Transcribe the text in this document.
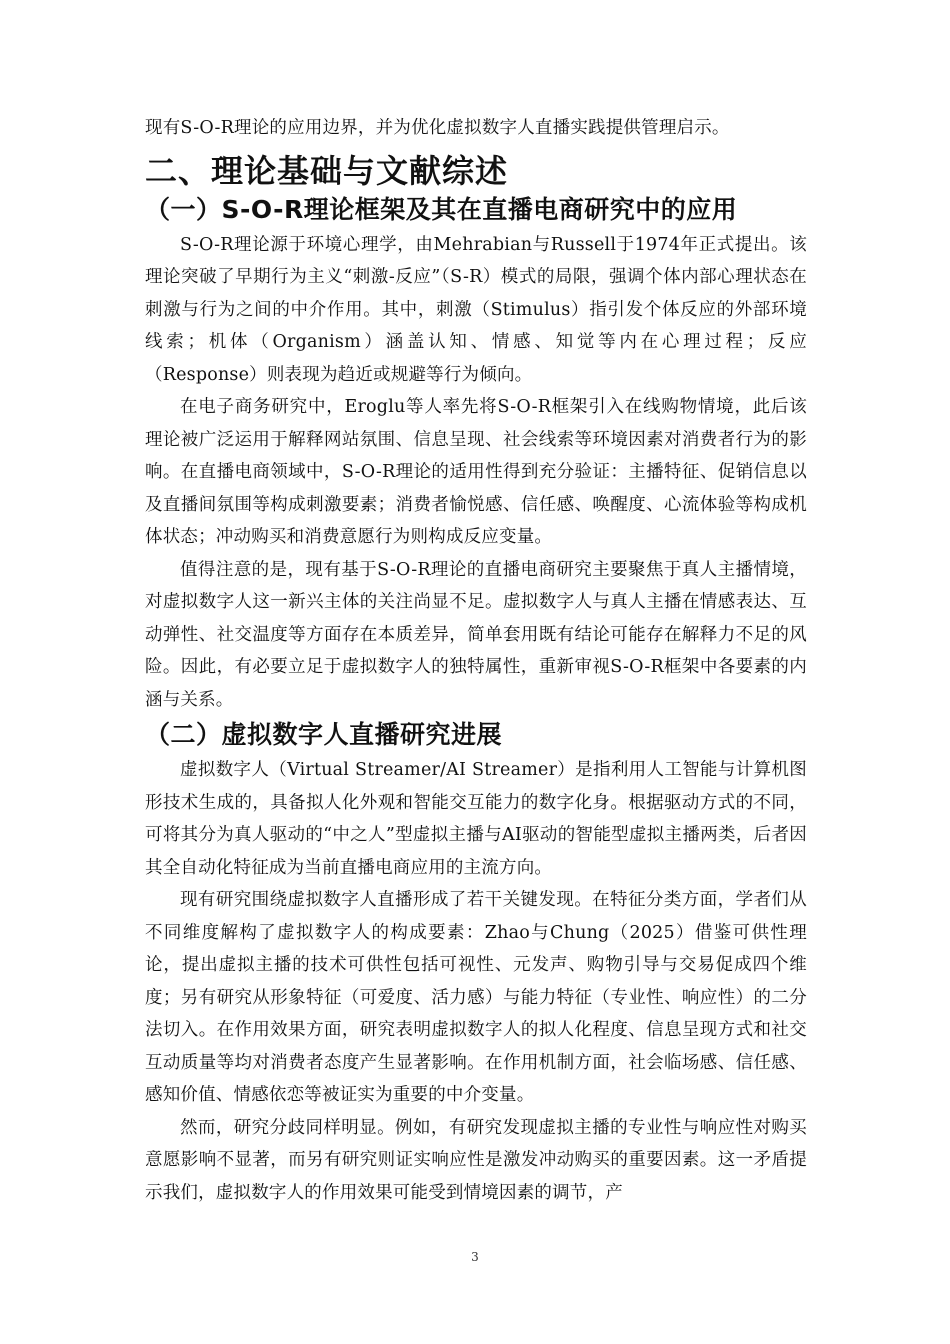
现有S-O-R理论的应用边界，并为优化虚拟数字人直播实践提供管理启示。

二、理论基础与文献综述
（一）S-O-R理论框架及其在直播电商研究中的应用

S-O-R理论源于环境心理学，由Mehrabian与Russell于1974年正式提出。该理论突破了早期行为主义“刺激-反应”（S-R）模式的局限，强调个体内部心理状态在刺激与行为之间的中介作用。其中，刺激（Stimulus）指引发个体反应的外部环境线索；机体（Organism）涵盖认知、情感、知觉等内在心理过程；反应（Response）则表现为趋近或规避等行为倾向。

在电子商务研究中，Eroglu等人率先将S-O-R框架引入在线购物情境，此后该理论被广泛运用于解释网站氛围、信息呈现、社会线索等环境因素对消费者行为的影响。在直播电商领域中，S-O-R理论的适用性得到充分验证：主播特征、促销信息以及直播间氛围等构成刺激要素；消费者愉悦感、信任感、唤醒度、心流体验等构成机体状态；冲动购买和消费意愿行为则构成反应变量。

值得注意的是，现有基于S-O-R理论的直播电商研究主要聚焦于真人主播情境，对虚拟数字人这一新兴主体的关注尚显不足。虚拟数字人与真人主播在情感表达、互动弹性、社交温度等方面存在本质差异，简单套用既有结论可能存在解释力不足的风险。因此，有必要立足于虚拟数字人的独特属性，重新审视S-O-R框架中各要素的内涵与关系。

（二）虚拟数字人直播研究进展

虚拟数字人（Virtual Streamer/AI Streamer）是指利用人工智能与计算机图形技术生成的，具备拟人化外观和智能交互能力的数字化身。根据驱动方式的不同，可将其分为真人驱动的“中之人”型虚拟主播与AI驱动的智能型虚拟主播两类，后者因其全自动化特征成为当前直播电商应用的主流方向。

现有研究围绕虚拟数字人直播形成了若干关键发现。在特征分类方面，学者们从不同维度解构了虚拟数字人的构成要素：Zhao与Chung（2025）借鉴可供性理论，提出虚拟主播的技术可供性包括可视性、元发声、购物引导与交易促成四个维度；另有研究从形象特征（可爱度、活力感）与能力特征（专业性、响应性）的二分法切入。在作用效果方面，研究表明虚拟数字人的拟人化程度、信息呈现方式和社交互动质量等均对消费者态度产生显著影响。在作用机制方面，社会临场感、信任感、感知价值、情感依恋等被证实为重要的中介变量。

然而，研究分歧同样明显。例如，有研究发现虚拟主播的专业性与响应性对购买意愿影响不显著，而另有研究则证实响应性是激发冲动购买的重要因素。这一矛盾提示我们，虚拟数字人的作用效果可能受到情境因素的调节，产

3
